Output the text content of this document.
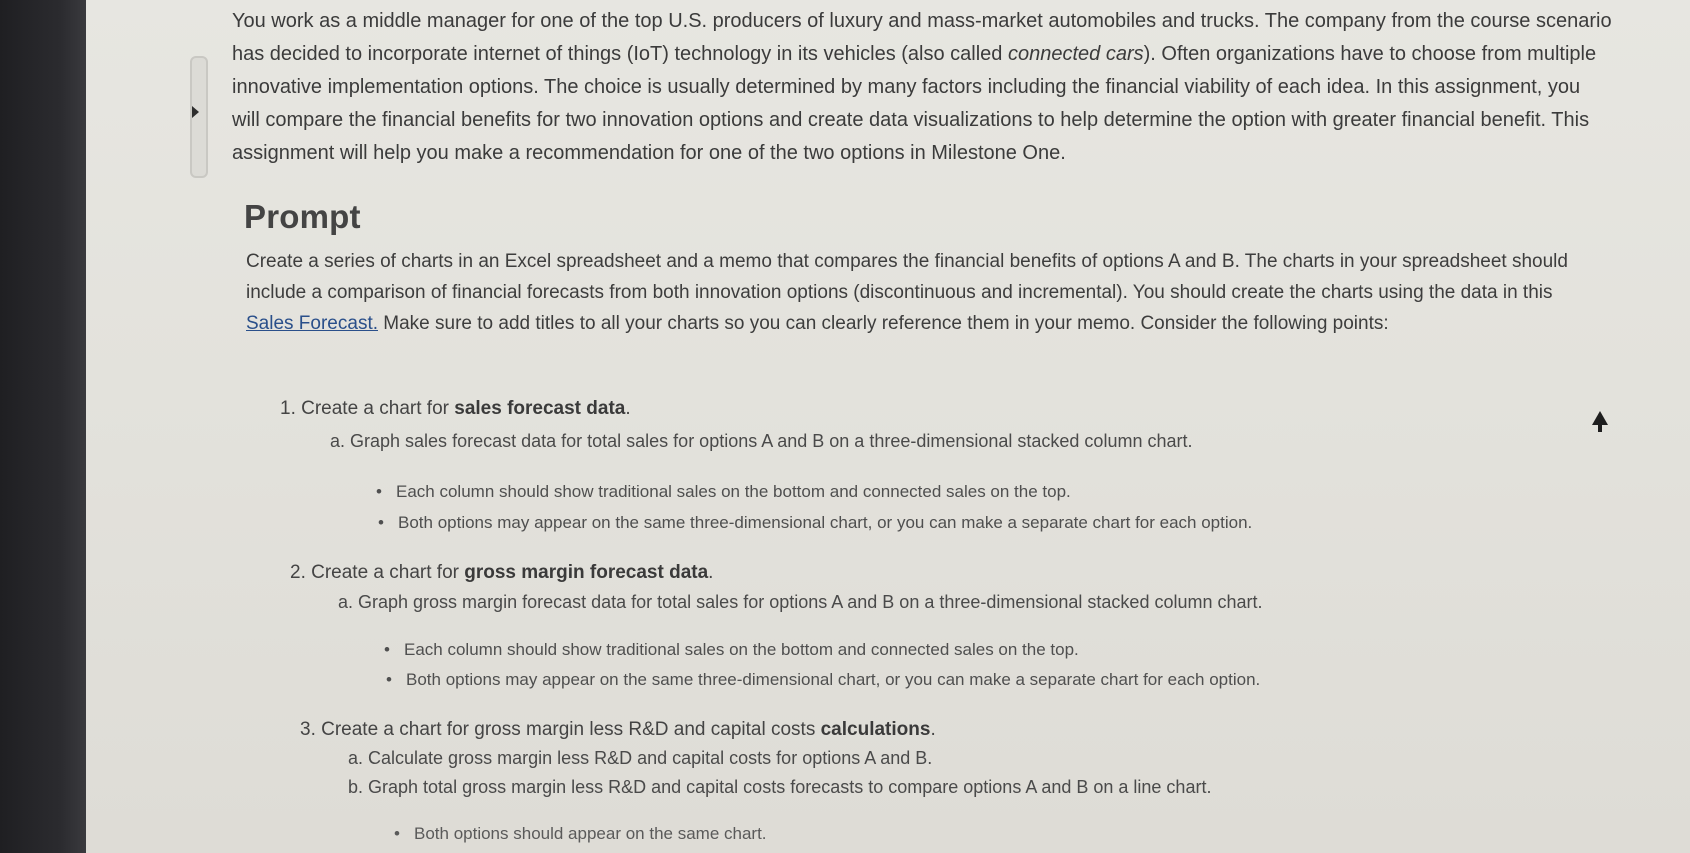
You work as a middle manager for one of the top U.S. producers of luxury and mass-market automobiles and trucks. The company from the course scenario has decided to incorporate internet of things (IoT) technology in its vehicles (also called connected cars). Often organizations have to choose from multiple innovative implementation options. The choice is usually determined by many factors including the financial viability of each idea. In this assignment, you will compare the financial benefits for two innovation options and create data visualizations to help determine the option with greater financial benefit. This assignment will help you make a recommendation for one of the two options in Milestone One.

Prompt

Create a series of charts in an Excel spreadsheet and a memo that compares the financial benefits of options A and B. The charts in your spreadsheet should include a comparison of financial forecasts from both innovation options (discontinuous and incremental). You should create the charts using the data in this Sales Forecast. Make sure to add titles to all your charts so you can clearly reference them in your memo. Consider the following points:

1. Create a chart for sales forecast data.
a. Graph sales forecast data for total sales for options A and B on a three-dimensional stacked column chart.
• Each column should show traditional sales on the bottom and connected sales on the top.
• Both options may appear on the same three-dimensional chart, or you can make a separate chart for each option.
2. Create a chart for gross margin forecast data.
a. Graph gross margin forecast data for total sales for options A and B on a three-dimensional stacked column chart.
• Each column should show traditional sales on the bottom and connected sales on the top.
• Both options may appear on the same three-dimensional chart, or you can make a separate chart for each option.
3. Create a chart for gross margin less R&D and capital costs calculations.
a. Calculate gross margin less R&D and capital costs for options A and B.
b. Graph total gross margin less R&D and capital costs forecasts to compare options A and B on a line chart.
• Both options should appear on the same chart.
